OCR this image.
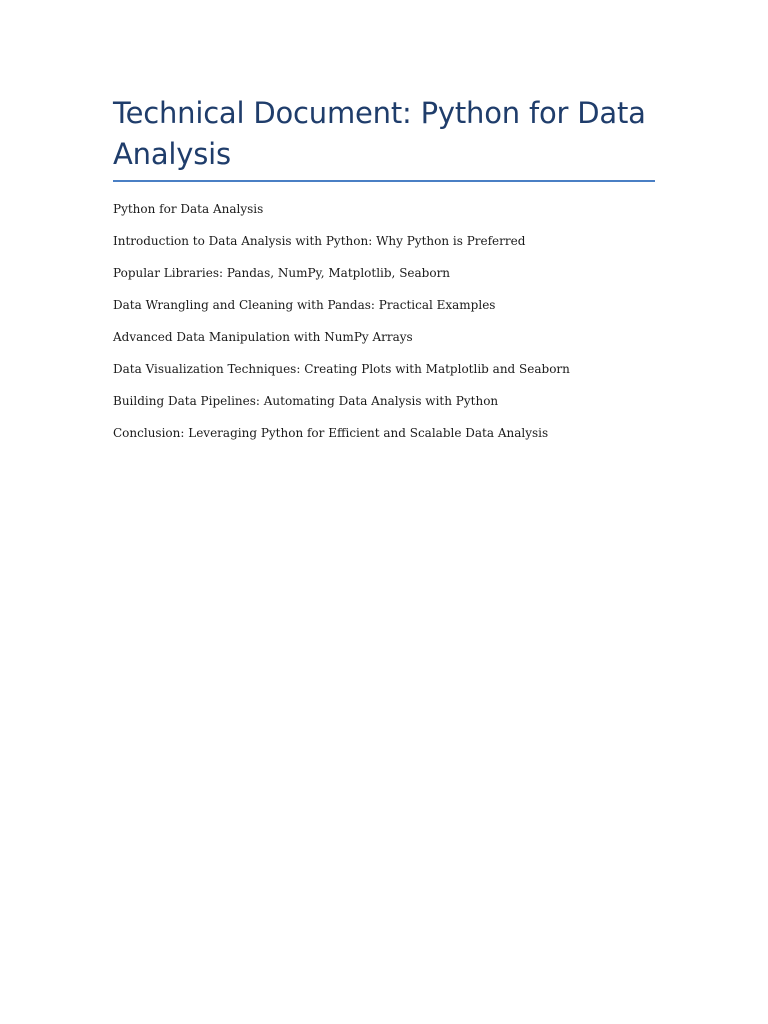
Technical Document: Python for Data Analysis
Python for Data Analysis
Introduction to Data Analysis with Python: Why Python is Preferred
Popular Libraries: Pandas, NumPy, Matplotlib, Seaborn
Data Wrangling and Cleaning with Pandas: Practical Examples
Advanced Data Manipulation with NumPy Arrays
Data Visualization Techniques: Creating Plots with Matplotlib and Seaborn
Building Data Pipelines: Automating Data Analysis with Python
Conclusion: Leveraging Python for Efficient and Scalable Data Analysis
